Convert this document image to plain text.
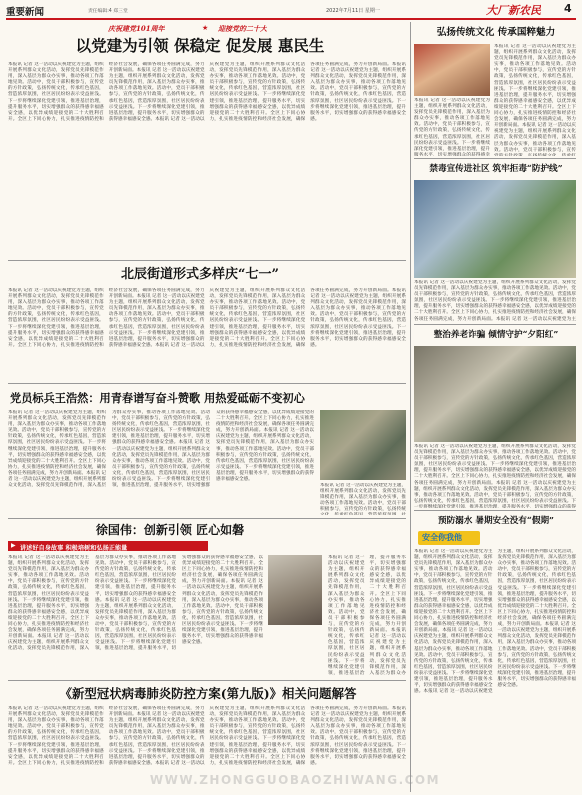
重要新闻	责任编辑:4 郑三堂	2022年7月11日 星期一	大厂新农民 4
庆祝建党101周年	★ 迎接党的二十大
以党建为引领 保稳定 促发展 惠民生
本报讯 记者 这一活动以庆祝建党为主题，组织开展系列群众文化活动，发挥党员先锋模范作用，深入基层为群众办实事，推动各项工作落地见效。活动中，党员干部积极参与，宣传党的方针政策，弘扬传统文化，传承红色基因，营造浓厚氛围，社区居民纷纷表示受益匪浅。下一步将继续深化党建引领，推进基层治理，提升服务水平，切实增强群众的获得感幸福感安全感，以优异成绩迎接党的二十大胜利召开。全区上下同心协力，扎实推进疫情防控和经济社会发展，确保各项任务圆满完成，努力开创新局面。本报讯 记者 这一活动以庆祝建党为主题，组织开展系列群众文化活动，发挥党员先锋模范作用，深入基层为群众办实事，推动各项工作落地见效。活动中，党员干部积极参与，宣传党的方针政策，弘扬传统文化，传承红色基因，营造浓厚氛围，社区居民纷纷表示受益匪浅。下一步将继续深化党建引领，推进基层治理，提升服务水平，切实增强群众的获得感幸福感安全感。本报讯 记者 这一活动以庆祝建党为主题，组织开展系列群众文化活动，发挥党员先锋模范作用，深入基层为群众办实事，推动各项工作落地见效。活动中，党员干部积极参与，宣传党的方针政策，弘扬传统文化，传承红色基因，营造浓厚氛围，社区居民纷纷表示受益匪浅。下一步将继续深化党建引领，推进基层治理，提升服务水平，切实增强群众的获得感幸福感安全感，以优异成绩迎接党的二十大胜利召开。全区上下同心协力，扎实推进疫情防控和经济社会发展，确保各项任务圆满完成，努力开创新局面。本报讯 记者 这一活动以庆祝建党为主题，组织开展系列群众文化活动，发挥党员先锋模范作用，深入基层为群众办实事，推动各项工作落地见效。活动中，党员干部积极参与，宣传党的方针政策，弘扬传统文化，传承红色基因，营造浓厚氛围，社区居民纷纷表示受益匪浅。下一步将继续深化党建引领，推进基层治理，提升服务水平，切实增强群众的获得感幸福感安全感。
北辰街道形式多样庆“七一”
本报讯 记者 这一活动以庆祝建党为主题，组织开展系列群众文化活动，发挥党员先锋模范作用，深入基层为群众办实事，推动各项工作落地见效。活动中，党员干部积极参与，宣传党的方针政策，弘扬传统文化，传承红色基因，营造浓厚氛围，社区居民纷纷表示受益匪浅。下一步将继续深化党建引领，推进基层治理，提升服务水平，切实增强群众的获得感幸福感安全感，以优异成绩迎接党的二十大胜利召开。全区上下同心协力，扎实推进疫情防控和经济社会发展，确保各项任务圆满完成，努力开创新局面。本报讯 记者 这一活动以庆祝建党为主题，组织开展系列群众文化活动，发挥党员先锋模范作用，深入基层为群众办实事，推动各项工作落地见效。活动中，党员干部积极参与，宣传党的方针政策，弘扬传统文化，传承红色基因，营造浓厚氛围，社区居民纷纷表示受益匪浅。下一步将继续深化党建引领，推进基层治理，提升服务水平，切实增强群众的获得感幸福感安全感。本报讯 记者 这一活动以庆祝建党为主题，组织开展系列群众文化活动，发挥党员先锋模范作用，深入基层为群众办实事，推动各项工作落地见效。活动中，党员干部积极参与，宣传党的方针政策，弘扬传统文化，传承红色基因，营造浓厚氛围，社区居民纷纷表示受益匪浅。下一步将继续深化党建引领，推进基层治理，提升服务水平，切实增强群众的获得感幸福感安全感，以优异成绩迎接党的二十大胜利召开。全区上下同心协力，扎实推进疫情防控和经济社会发展，确保各项任务圆满完成，努力开创新局面。本报讯 记者 这一活动以庆祝建党为主题，组织开展系列群众文化活动，发挥党员先锋模范作用，深入基层为群众办实事，推动各项工作落地见效。活动中，党员干部积极参与，宣传党的方针政策，弘扬传统文化，传承红色基因，营造浓厚氛围，社区居民纷纷表示受益匪浅。下一步将继续深化党建引领，推进基层治理，提升服务水平，切实增强群众的获得感幸福感安全感。
党员标兵王浩然：用青春谱写奋斗赞歌 用热爱砥砺不变初心
本报讯 记者 这一活动以庆祝建党为主题，组织开展系列群众文化活动，发挥党员先锋模范作用，深入基层为群众办实事，推动各项工作落地见效。活动中，党员干部积极参与，宣传党的方针政策，弘扬传统文化，传承红色基因，营造浓厚氛围，社区居民纷纷表示受益匪浅。下一步将继续深化党建引领，推进基层治理，提升服务水平，切实增强群众的获得感幸福感安全感，以优异成绩迎接党的二十大胜利召开。全区上下同心协力，扎实推进疫情防控和经济社会发展，确保各项任务圆满完成，努力开创新局面。本报讯 记者 这一活动以庆祝建党为主题，组织开展系列群众文化活动，发挥党员先锋模范作用，深入基层为群众办实事，推动各项工作落地见效。活动中，党员干部积极参与，宣传党的方针政策，弘扬传统文化，传承红色基因，营造浓厚氛围，社区居民纷纷表示受益匪浅。下一步将继续深化党建引领，推进基层治理，提升服务水平，切实增强群众的获得感幸福感安全感。本报讯 记者 这一活动以庆祝建党为主题，组织开展系列群众文化活动，发挥党员先锋模范作用，深入基层为群众办实事，推动各项工作落地见效。活动中，党员干部积极参与，宣传党的方针政策，弘扬传统文化，传承红色基因，营造浓厚氛围，社区居民纷纷表示受益匪浅。下一步将继续深化党建引领，推进基层治理，提升服务水平，切实增强群众的获得感幸福感安全感，以优异成绩迎接党的二十大胜利召开。全区上下同心协力，扎实推进疫情防控和经济社会发展，确保各项任务圆满完成，努力开创新局面。本报讯 记者 这一活动以庆祝建党为主题，组织开展系列群众文化活动，发挥党员先锋模范作用，深入基层为群众办实事，推动各项工作落地见效。活动中，党员干部积极参与，宣传党的方针政策，弘扬传统文化，传承红色基因，营造浓厚氛围，社区居民纷纷表示受益匪浅。下一步将继续深化党建引领，推进基层治理，提升服务水平，切实增强群众的获得感幸福感安全感。
本报讯 记者 这一活动以庆祝建党为主题，组织开展系列群众文化活动，发挥党员先锋模范作用，深入基层为群众办实事，推动各项工作落地见效。活动中，党员干部积极参与，宣传党的方针政策，弘扬传统文化，传承红色基因，营造浓厚氛围，社区居民纷纷表示受益匪浅。下一步将继续深化党建引领，推进基层治理，提升服务水平，切实增强群众的获得感幸福感安全感，以优异成绩迎接党的二十大胜利召开。全区上下同心协力，扎实推进疫情防控和经济社会发展，确保各项任务圆满完成，努力开创新局面。本报讯 记者 这一活动以庆祝建党为主题，组织开展系列群众文化活动，发挥党员先锋模范作用，深入基层为群众办实事，推动各项工作落地见效。活动中，党员干部积极参与，宣传党的方针政策，弘扬传统文化，传承红色基因，营造浓厚氛围，社区居民纷纷表示受益匪浅。下一步将继续深化党建引领，推进基层治理，提升服务水平，切实增强群众的获得感幸福感安全感。本报讯 记者 这一活动以庆祝建党为主题，组织开展系列群众文化活动，发挥党员先锋模范作用，深入基层为群众办实事，推动各项工作落地见效。活动中，党员干部积极参与，宣传党的方针政策，弘扬传统文化，传承红色基因，营造浓厚氛围，社区居民纷纷表示受益匪浅。下一步将继续深化党建引领，推进基层治理，提升服务水平，切实增强群众的获得感幸福感安全感，以优异成绩迎接党的二十大胜利召开。全区上下同心协力，扎实推进疫情防控和经济社会发展，确保各项任务圆满完成，努力开创新局面。本报讯 记者 这一活动以庆祝建党为主题，组织开展系列群众文化活动，发挥党员先锋模范作用，深入基层为群众办实事，推动各项工作落地见效。活动中，党员干部积极参与，宣传党的方针政策，弘扬传统文化，传承红色基因，营造浓厚氛围，社区居民纷纷表示受益匪浅。下一步将继续深化党建引领，推进基层治理，提升服务水平，切实增强群众的获得感幸福感安全感。
徐国伟：创新引领 匠心如磐
▶ 讲述好自身故事 积极培树和弘扬正能量
本报讯 记者 这一活动以庆祝建党为主题，组织开展系列群众文化活动，发挥党员先锋模范作用，深入基层为群众办实事，推动各项工作落地见效。活动中，党员干部积极参与，宣传党的方针政策，弘扬传统文化，传承红色基因，营造浓厚氛围，社区居民纷纷表示受益匪浅。下一步将继续深化党建引领，推进基层治理，提升服务水平，切实增强群众的获得感幸福感安全感，以优异成绩迎接党的二十大胜利召开。全区上下同心协力，扎实推进疫情防控和经济社会发展，确保各项任务圆满完成，努力开创新局面。本报讯 记者 这一活动以庆祝建党为主题，组织开展系列群众文化活动，发挥党员先锋模范作用，深入基层为群众办实事，推动各项工作落地见效。活动中，党员干部积极参与，宣传党的方针政策，弘扬传统文化，传承红色基因，营造浓厚氛围，社区居民纷纷表示受益匪浅。下一步将继续深化党建引领，推进基层治理，提升服务水平，切实增强群众的获得感幸福感安全感。本报讯 记者 这一活动以庆祝建党为主题，组织开展系列群众文化活动，发挥党员先锋模范作用，深入基层为群众办实事，推动各项工作落地见效。活动中，党员干部积极参与，宣传党的方针政策，弘扬传统文化，传承红色基因，营造浓厚氛围，社区居民纷纷表示受益匪浅。下一步将继续深化党建引领，推进基层治理，提升服务水平，切实增强群众的获得感幸福感安全感，以优异成绩迎接党的二十大胜利召开。全区上下同心协力，扎实推进疫情防控和经济社会发展，确保各项任务圆满完成，努力开创新局面。本报讯 记者 这一活动以庆祝建党为主题，组织开展系列群众文化活动，发挥党员先锋模范作用，深入基层为群众办实事，推动各项工作落地见效。活动中，党员干部积极参与，宣传党的方针政策，弘扬传统文化，传承红色基因，营造浓厚氛围，社区居民纷纷表示受益匪浅。下一步将继续深化党建引领，推进基层治理，提升服务水平，切实增强群众的获得感幸福感安全感。
本报讯 记者 这一活动以庆祝建党为主题，组织开展系列群众文化活动，发挥党员先锋模范作用，深入基层为群众办实事，推动各项工作落地见效。活动中，党员干部积极参与，宣传党的方针政策，弘扬传统文化，传承红色基因，营造浓厚氛围，社区居民纷纷表示受益匪浅。下一步将继续深化党建引领，推进基层治理，提升服务水平，切实增强群众的获得感幸福感安全感，以优异成绩迎接党的二十大胜利召开。全区上下同心协力，扎实推进疫情防控和经济社会发展，确保各项任务圆满完成，努力开创新局面。本报讯 记者 这一活动以庆祝建党为主题，组织开展系列群众文化活动，发挥党员先锋模范作用，深入基层为群众办实事，推动各项工作落地见效。活动中，党员干部积极参与，宣传党的方针政策，弘扬传统文化，传承红色基因，营造浓厚氛围，社区居民纷纷表示受益匪浅。下一步将继续深化党建引领，推进基层治理，提升服务水平，切实增强群众的获得感幸福感安全感。本报讯 记者 这一活动以庆祝建党为主题，组织开展系列群众文化活动，发挥党员先锋模范作用，深入基层为群众办实事，推动各项工作落地见效。活动中，党员干部积极参与，宣传党的方针政策，弘扬传统文化，传承红色基因，营造浓厚氛围，社区居民纷纷表示受益匪浅。下一步将继续深化党建引领，推进基层治理，提升服务水平，切实增强群众的获得感幸福感安全感，以优异成绩迎接党的二十大胜利召开。全区上下同心协力，扎实推进疫情防控和经济社会发展，确保各项任务圆满完成，努力开创新局面。本报讯 记者 这一活动以庆祝建党为主题，组织开展系列群众文化活动，发挥党员先锋模范作用，深入基层为群众办实事，推动各项工作落地见效。活动中，党员干部积极参与，宣传党的方针政策，弘扬传统文化，传承红色基因，营造浓厚氛围，社区居民纷纷表示受益匪浅。下一步将继续深化党建引领，推进基层治理，提升服务水平，切实增强群众的获得感幸福感安全感。
《新型冠状病毒肺炎防控方案(第九版)》相关问题解答
本报讯 记者 这一活动以庆祝建党为主题，组织开展系列群众文化活动，发挥党员先锋模范作用，深入基层为群众办实事，推动各项工作落地见效。活动中，党员干部积极参与，宣传党的方针政策，弘扬传统文化，传承红色基因，营造浓厚氛围，社区居民纷纷表示受益匪浅。下一步将继续深化党建引领，推进基层治理，提升服务水平，切实增强群众的获得感幸福感安全感，以优异成绩迎接党的二十大胜利召开。全区上下同心协力，扎实推进疫情防控和经济社会发展，确保各项任务圆满完成，努力开创新局面。本报讯 记者 这一活动以庆祝建党为主题，组织开展系列群众文化活动，发挥党员先锋模范作用，深入基层为群众办实事，推动各项工作落地见效。活动中，党员干部积极参与，宣传党的方针政策，弘扬传统文化，传承红色基因，营造浓厚氛围，社区居民纷纷表示受益匪浅。下一步将继续深化党建引领，推进基层治理，提升服务水平，切实增强群众的获得感幸福感安全感。本报讯 记者 这一活动以庆祝建党为主题，组织开展系列群众文化活动，发挥党员先锋模范作用，深入基层为群众办实事，推动各项工作落地见效。活动中，党员干部积极参与，宣传党的方针政策，弘扬传统文化，传承红色基因，营造浓厚氛围，社区居民纷纷表示受益匪浅。下一步将继续深化党建引领，推进基层治理，提升服务水平，切实增强群众的获得感幸福感安全感，以优异成绩迎接党的二十大胜利召开。全区上下同心协力，扎实推进疫情防控和经济社会发展，确保各项任务圆满完成，努力开创新局面。本报讯 记者 这一活动以庆祝建党为主题，组织开展系列群众文化活动，发挥党员先锋模范作用，深入基层为群众办实事，推动各项工作落地见效。活动中，党员干部积极参与，宣传党的方针政策，弘扬传统文化，传承红色基因，营造浓厚氛围，社区居民纷纷表示受益匪浅。下一步将继续深化党建引领，推进基层治理，提升服务水平，切实增强群众的获得感幸福感安全感。
弘扬传统文化 传承国粹魅力
本报讯 记者 这一活动以庆祝建党为主题，组织开展系列群众文化活动，发挥党员先锋模范作用，深入基层为群众办实事，推动各项工作落地见效。活动中，党员干部积极参与，宣传党的方针政策，弘扬传统文化，传承红色基因，营造浓厚氛围，社区居民纷纷表示受益匪浅。下一步将继续深化党建引领，推进基层治理，提升服务水平，切实增强群众的获得感幸福感安全感，以优异成绩迎接党的二十大胜利召开。全区上下同心协力，扎实推进疫情防控和经济社会发展，确保各项任务圆满完成，努力开创新局面。本报讯 记者 这一活动以庆祝建党为主题，组织开展系列群众文化活动，发挥党员先锋模范作用，深入基层为群众办实事，推动各项工作落地见效。活动中，党员干部积极参与，宣传党的方针政策，弘扬传统文化，传承红色基因，营造浓厚氛围，社区居民纷纷表示受益匪浅。下一步将继续深化党建引领，推进基层治理，提升服务水平，切实增强群众的获得感幸福感安全感。本报讯 记者 这一活动以庆祝建党为主题，组织开展系列群众文化活动，发挥党员先锋模范作用，深入基层为群众办实事，推动各项工作落地见效。活动中，党员干部积极参与，宣传党的方针政策，弘扬传统文化，传承红色基因，营造浓厚氛围，社区居民纷纷表示受益匪浅。下一步将继续深化党建引领，推进基层治理，提升服务水平，切实增强群众的获得感幸福感安全感，以优异成绩迎接党的二十大胜利召开。全区上下同心协力，扎实推进疫情防控和经济社会发展，确保各项任务圆满完成，努力开创新局面。本报讯 记者 这一活动以庆祝建党为主题，组织开展系列群众文化活动，发挥党员先锋模范作用，深入基层为群众办实事，推动各项工作落地见效。活动中，党员干部积极参与，宣传党的方针政策，弘扬传统文化，传承红色基因，营造浓厚氛围，社区居民纷纷表示受益匪浅。下一步将继续深化党建引领，推进基层治理，提升服务水平，切实增强群众的获得感幸福感安全感。
本报讯 记者 这一活动以庆祝建党为主题，组织开展系列群众文化活动，发挥党员先锋模范作用，深入基层为群众办实事，推动各项工作落地见效。活动中，党员干部积极参与，宣传党的方针政策，弘扬传统文化，传承红色基因，营造浓厚氛围，社区居民纷纷表示受益匪浅。下一步将继续深化党建引领，推进基层治理，提升服务水平，切实增强群众的获得感幸福感安全感，以优异成绩迎接党的二十大胜利召开。全区上下同心协力，扎实推进疫情防控和经济社会发展，确保各项任务圆满完成，努力开创新局面。本报讯 记者 这一活动以庆祝建党为主题，组织开展系列群众文化活动，发挥党员先锋模范作用，深入基层为群众办实事，推动各项工作落地见效。活动中，党员干部积极参与，宣传党的方针政策，弘扬传统文化，传承红色基因，营造浓厚氛围，社区居民纷纷表示受益匪浅。下一步将继续深化党建引领，推进基层治理，提升服务水平，切实增强群众的获得感幸福感安全感。本报讯 记者 这一活动以庆祝建党为主题，组织开展系列群众文化活动，发挥党员先锋模范作用，深入基层为群众办实事，推动各项工作落地见效。活动中，党员干部积极参与，宣传党的方针政策，弘扬传统文化，传承红色基因，营造浓厚氛围，社区居民纷纷表示受益匪浅。下一步将继续深化党建引领，推进基层治理，提升服务水平，切实增强群众的获得感幸福感安全感，以优异成绩迎接党的二十大胜利召开。全区上下同心协力，扎实推进疫情防控和经济社会发展，确保各项任务圆满完成，努力开创新局面。本报讯 记者 这一活动以庆祝建党为主题，组织开展系列群众文化活动，发挥党员先锋模范作用，深入基层为群众办实事，推动各项工作落地见效。活动中，党员干部积极参与，宣传党的方针政策，弘扬传统文化，传承红色基因，营造浓厚氛围，社区居民纷纷表示受益匪浅。下一步将继续深化党建引领，推进基层治理，提升服务水平，切实增强群众的获得感幸福感安全感。
禁毒宣传进社区 筑牢拒毒“防护线”
本报讯 记者 这一活动以庆祝建党为主题，组织开展系列群众文化活动，发挥党员先锋模范作用，深入基层为群众办实事，推动各项工作落地见效。活动中，党员干部积极参与，宣传党的方针政策，弘扬传统文化，传承红色基因，营造浓厚氛围，社区居民纷纷表示受益匪浅。下一步将继续深化党建引领，推进基层治理，提升服务水平，切实增强群众的获得感幸福感安全感，以优异成绩迎接党的二十大胜利召开。全区上下同心协力，扎实推进疫情防控和经济社会发展，确保各项任务圆满完成，努力开创新局面。本报讯 记者 这一活动以庆祝建党为主题，组织开展系列群众文化活动，发挥党员先锋模范作用，深入基层为群众办实事，推动各项工作落地见效。活动中，党员干部积极参与，宣传党的方针政策，弘扬传统文化，传承红色基因，营造浓厚氛围，社区居民纷纷表示受益匪浅。下一步将继续深化党建引领，推进基层治理，提升服务水平，切实增强群众的获得感幸福感安全感。本报讯 记者 这一活动以庆祝建党为主题，组织开展系列群众文化活动，发挥党员先锋模范作用，深入基层为群众办实事，推动各项工作落地见效。活动中，党员干部积极参与，宣传党的方针政策，弘扬传统文化，传承红色基因，营造浓厚氛围，社区居民纷纷表示受益匪浅。下一步将继续深化党建引领，推进基层治理，提升服务水平，切实增强群众的获得感幸福感安全感，以优异成绩迎接党的二十大胜利召开。全区上下同心协力，扎实推进疫情防控和经济社会发展，确保各项任务圆满完成，努力开创新局面。本报讯 记者 这一活动以庆祝建党为主题，组织开展系列群众文化活动，发挥党员先锋模范作用，深入基层为群众办实事，推动各项工作落地见效。活动中，党员干部积极参与，宣传党的方针政策，弘扬传统文化，传承红色基因，营造浓厚氛围，社区居民纷纷表示受益匪浅。下一步将继续深化党建引领，推进基层治理，提升服务水平，切实增强群众的获得感幸福感安全感。
整治养老诈骗 倾情守护“夕阳红”
本报讯 记者 这一活动以庆祝建党为主题，组织开展系列群众文化活动，发挥党员先锋模范作用，深入基层为群众办实事，推动各项工作落地见效。活动中，党员干部积极参与，宣传党的方针政策，弘扬传统文化，传承红色基因，营造浓厚氛围，社区居民纷纷表示受益匪浅。下一步将继续深化党建引领，推进基层治理，提升服务水平，切实增强群众的获得感幸福感安全感，以优异成绩迎接党的二十大胜利召开。全区上下同心协力，扎实推进疫情防控和经济社会发展，确保各项任务圆满完成，努力开创新局面。本报讯 记者 这一活动以庆祝建党为主题，组织开展系列群众文化活动，发挥党员先锋模范作用，深入基层为群众办实事，推动各项工作落地见效。活动中，党员干部积极参与，宣传党的方针政策，弘扬传统文化，传承红色基因，营造浓厚氛围，社区居民纷纷表示受益匪浅。下一步将继续深化党建引领，推进基层治理，提升服务水平，切实增强群众的获得感幸福感安全感。本报讯 记者 这一活动以庆祝建党为主题，组织开展系列群众文化活动，发挥党员先锋模范作用，深入基层为群众办实事，推动各项工作落地见效。活动中，党员干部积极参与，宣传党的方针政策，弘扬传统文化，传承红色基因，营造浓厚氛围，社区居民纷纷表示受益匪浅。下一步将继续深化党建引领，推进基层治理，提升服务水平，切实增强群众的获得感幸福感安全感，以优异成绩迎接党的二十大胜利召开。全区上下同心协力，扎实推进疫情防控和经济社会发展，确保各项任务圆满完成，努力开创新局面。本报讯 记者 这一活动以庆祝建党为主题，组织开展系列群众文化活动，发挥党员先锋模范作用，深入基层为群众办实事，推动各项工作落地见效。活动中，党员干部积极参与，宣传党的方针政策，弘扬传统文化，传承红色基因，营造浓厚氛围，社区居民纷纷表示受益匪浅。下一步将继续深化党建引领，推进基层治理，提升服务水平，切实增强群众的获得感幸福感安全感。
预防溺水 暑期安全没有“假期”
安全你我他
本报讯 记者 这一活动以庆祝建党为主题，组织开展系列群众文化活动，发挥党员先锋模范作用，深入基层为群众办实事，推动各项工作落地见效。活动中，党员干部积极参与，宣传党的方针政策，弘扬传统文化，传承红色基因，营造浓厚氛围，社区居民纷纷表示受益匪浅。下一步将继续深化党建引领，推进基层治理，提升服务水平，切实增强群众的获得感幸福感安全感，以优异成绩迎接党的二十大胜利召开。全区上下同心协力，扎实推进疫情防控和经济社会发展，确保各项任务圆满完成，努力开创新局面。本报讯 记者 这一活动以庆祝建党为主题，组织开展系列群众文化活动，发挥党员先锋模范作用，深入基层为群众办实事，推动各项工作落地见效。活动中，党员干部积极参与，宣传党的方针政策，弘扬传统文化，传承红色基因，营造浓厚氛围，社区居民纷纷表示受益匪浅。下一步将继续深化党建引领，推进基层治理，提升服务水平，切实增强群众的获得感幸福感安全感。本报讯 记者 这一活动以庆祝建党为主题，组织开展系列群众文化活动，发挥党员先锋模范作用，深入基层为群众办实事，推动各项工作落地见效。活动中，党员干部积极参与，宣传党的方针政策，弘扬传统文化，传承红色基因，营造浓厚氛围，社区居民纷纷表示受益匪浅。下一步将继续深化党建引领，推进基层治理，提升服务水平，切实增强群众的获得感幸福感安全感，以优异成绩迎接党的二十大胜利召开。全区上下同心协力，扎实推进疫情防控和经济社会发展，确保各项任务圆满完成，努力开创新局面。本报讯 记者 这一活动以庆祝建党为主题，组织开展系列群众文化活动，发挥党员先锋模范作用，深入基层为群众办实事，推动各项工作落地见效。活动中，党员干部积极参与，宣传党的方针政策，弘扬传统文化，传承红色基因，营造浓厚氛围，社区居民纷纷表示受益匪浅。下一步将继续深化党建引领，推进基层治理，提升服务水平，切实增强群众的获得感幸福感安全感。
WWW.ZHONGGUOBAOZHIWANG.COM
